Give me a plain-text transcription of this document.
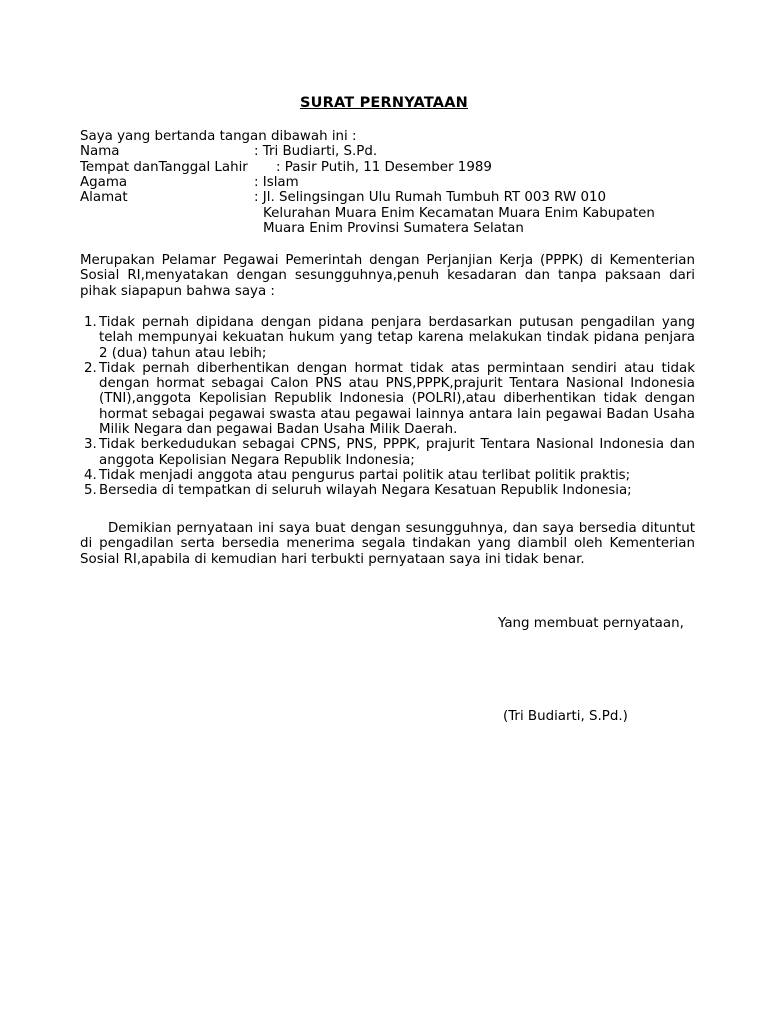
SURAT PERNYATAAN
Saya yang bertanda tangan dibawah ini :
Nama	: Tri Budiarti, S.Pd.
Tempat danTanggal Lahir : Pasir Putih, 11 Desember 1989
Agama	: Islam
Alamat	: Jl. Selingsingan Ulu Rumah Tumbuh RT 003 RW 010
Kelurahan Muara Enim Kecamatan Muara Enim Kabupaten
Muara Enim Provinsi Sumatera Selatan
Merupakan Pelamar Pegawai Pemerintah dengan Perjanjian Kerja (PPPK) di Kementerian Sosial RI,menyatakan dengan sesungguhnya,penuh kesadaran dan tanpa paksaan dari pihak siapapun bahwa saya :
1. Tidak pernah dipidana dengan pidana penjara berdasarkan putusan pengadilan yang telah mempunyai kekuatan hukum yang tetap karena melakukan tindak pidana penjara 2 (dua) tahun atau lebih;
2. Tidak pernah diberhentikan dengan hormat tidak atas permintaan sendiri atau tidak dengan hormat sebagai Calon PNS atau PNS,PPPK,prajurit Tentara Nasional Indonesia (TNI),anggota Kepolisian Republik Indonesia (POLRI),atau diberhentikan tidak dengan hormat sebagai pegawai swasta atau pegawai lainnya antara lain pegawai Badan Usaha Milik Negara dan pegawai Badan Usaha Milik Daerah.
3. Tidak berkedudukan sebagai CPNS, PNS, PPPK, prajurit Tentara Nasional Indonesia dan anggota Kepolisian Negara Republik Indonesia;
4. Tidak menjadi anggota atau pengurus partai politik atau terlibat politik praktis;
5. Bersedia di tempatkan di seluruh wilayah Negara Kesatuan Republik Indonesia;
Demikian pernyataan ini saya buat dengan sesungguhnya, dan saya bersedia dituntut di pengadilan serta bersedia menerima segala tindakan yang diambil oleh Kementerian Sosial RI,apabila di kemudian hari terbukti pernyataan saya ini tidak benar.
Yang membuat pernyataan,
(Tri Budiarti, S.Pd.)
